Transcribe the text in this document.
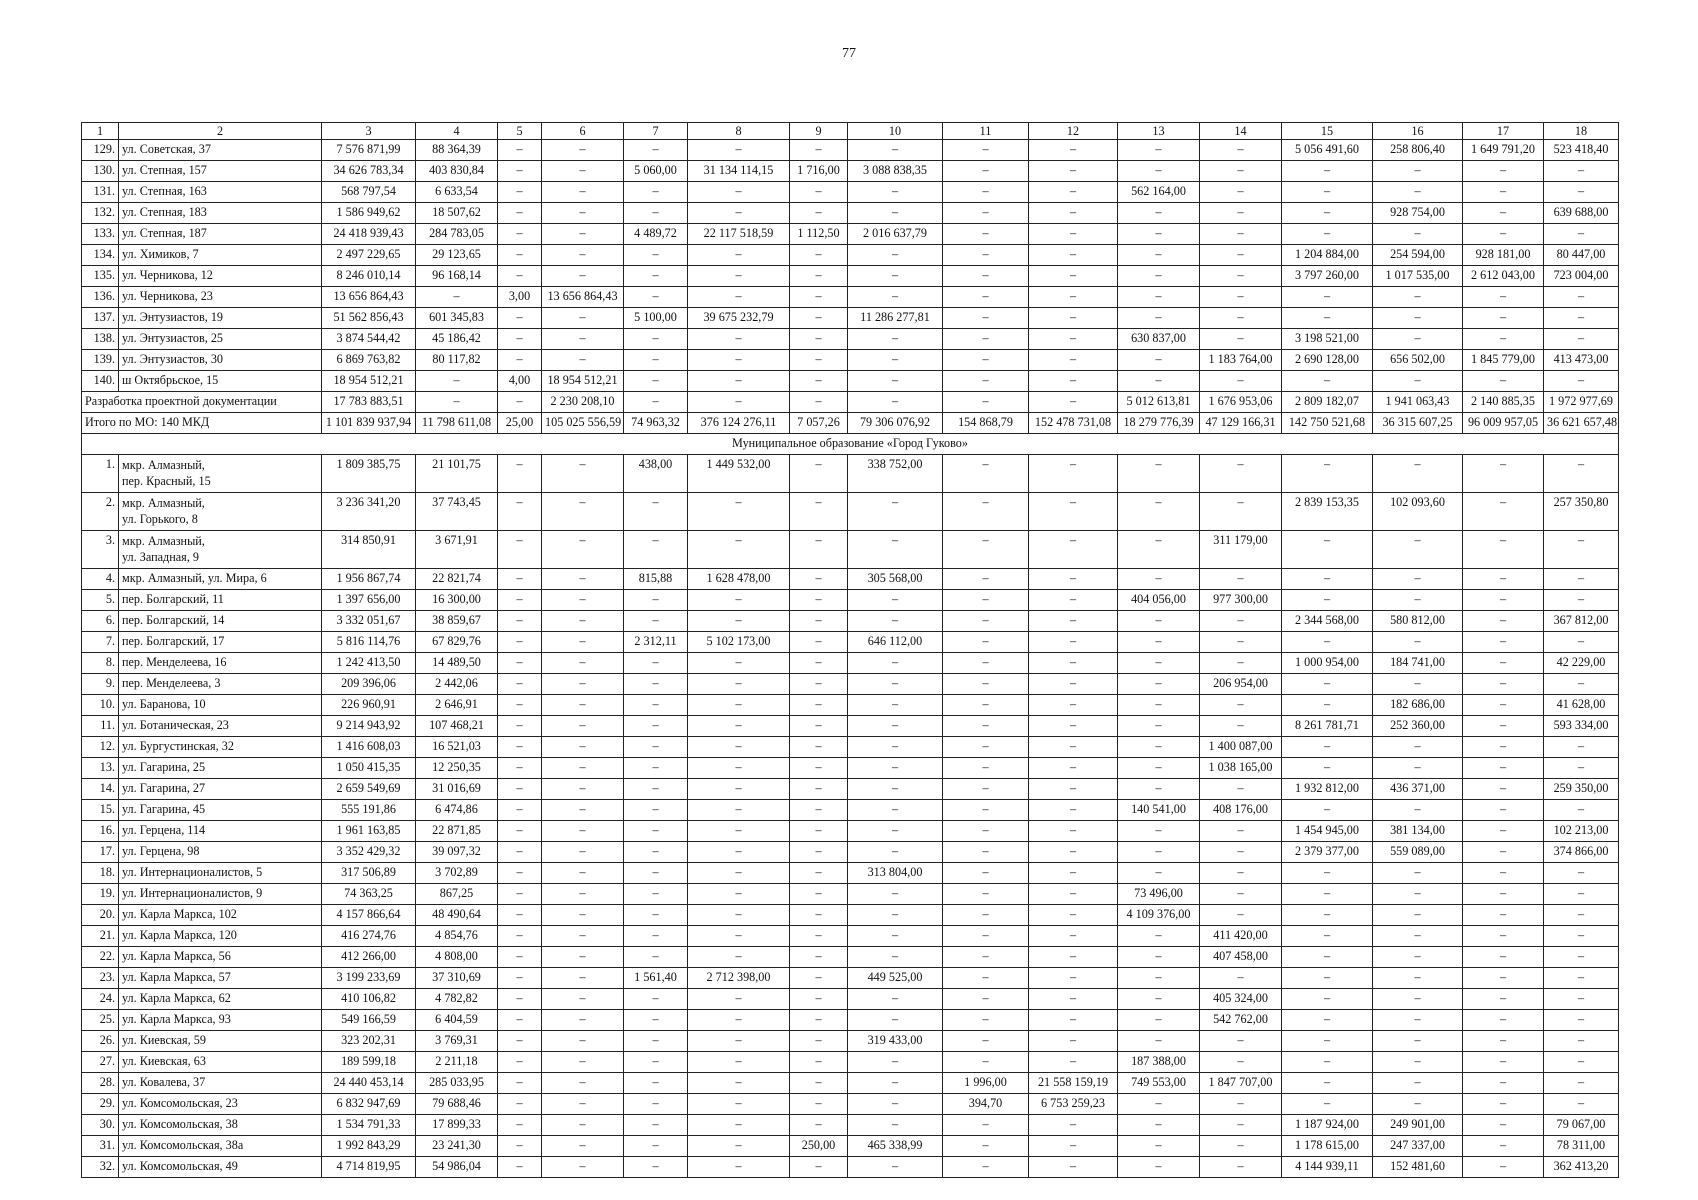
77
1	2	3	4	5	6	7	8	9	10	11	12	13	14	15	16	17	18
129.	ул. Советская, 37	7 576 871,99	88 364,39	–	–	–	–	–	–	–	–	–	–	5 056 491,60	258 806,40	1 649 791,20	523 418,40
130.	ул. Степная, 157	34 626 783,34	403 830,84	–	–	5 060,00	31 134 114,15	1 716,00	3 088 838,35	–	–	–	–	–	–	–	–
131.	ул. Степная, 163	568 797,54	6 633,54	–	–	–	–	–	–	–	–	562 164,00	–	–	–	–	–
132.	ул. Степная, 183	1 586 949,62	18 507,62	–	–	–	–	–	–	–	–	–	–	–	928 754,00	–	639 688,00
133.	ул. Степная, 187	24 418 939,43	284 783,05	–	–	4 489,72	22 117 518,59	1 112,50	2 016 637,79	–	–	–	–	–	–	–	–
134.	ул. Химиков, 7	2 497 229,65	29 123,65	–	–	–	–	–	–	–	–	–	–	1 204 884,00	254 594,00	928 181,00	80 447,00
135.	ул. Черникова, 12	8 246 010,14	96 168,14	–	–	–	–	–	–	–	–	–	–	3 797 260,00	1 017 535,00	2 612 043,00	723 004,00
136.	ул. Черникова, 23	13 656 864,43	–	3,00	13 656 864,43	–	–	–	–	–	–	–	–	–	–	–	–
137.	ул. Энтузиастов, 19	51 562 856,43	601 345,83	–	–	5 100,00	39 675 232,79	–	11 286 277,81	–	–	–	–	–	–	–	–
138.	ул. Энтузиастов, 25	3 874 544,42	45 186,42	–	–	–	–	–	–	–	–	630 837,00	–	3 198 521,00	–	–	–
139.	ул. Энтузиастов, 30	6 869 763,82	80 117,82	–	–	–	–	–	–	–	–	–	1 183 764,00	2 690 128,00	656 502,00	1 845 779,00	413 473,00
140.	ш Октябрьское, 15	18 954 512,21	–	4,00	18 954 512,21	–	–	–	–	–	–	–	–	–	–	–	–
Разработка проектной документации		17 783 883,51	–	–	2 230 208,10	–	–	–	–	–	–	5 012 613,81	1 676 953,06	2 809 182,07	1 941 063,43	2 140 885,35	1 972 977,69
Итого по МО: 140 МКД		1 101 839 937,94	11 798 611,08	25,00	105 025 556,59	74 963,32	376 124 276,11	7 057,26	79 306 076,92	154 868,79	152 478 731,08	18 279 776,39	47 129 166,31	142 750 521,68	36 315 607,25	96 009 957,05	36 621 657,48
Муниципальное образование «Город Гуково»																	
1.	мкр. Алмазный,
пер. Красный, 15	1 809 385,75	21 101,75	–	–	438,00	1 449 532,00	–	338 752,00	–	–	–	–	–	–	–	–
2.	мкр. Алмазный,
ул. Горького, 8	3 236 341,20	37 743,45	–	–	–	–	–	–	–	–	–	–	2 839 153,35	102 093,60	–	257 350,80
3.	мкр. Алмазный,
ул. Западная, 9	314 850,91	3 671,91	–	–	–	–	–	–	–	–	–	311 179,00	–	–	–	–
4.	мкр. Алмазный, ул. Мира, 6	1 956 867,74	22 821,74	–	–	815,88	1 628 478,00	–	305 568,00	–	–	–	–	–	–	–	–
5.	пер. Болгарский, 11	1 397 656,00	16 300,00	–	–	–	–	–	–	–	–	404 056,00	977 300,00	–	–	–	–
6.	пер. Болгарский, 14	3 332 051,67	38 859,67	–	–	–	–	–	–	–	–	–	–	2 344 568,00	580 812,00	–	367 812,00
7.	пер. Болгарский, 17	5 816 114,76	67 829,76	–	–	2 312,11	5 102 173,00	–	646 112,00	–	–	–	–	–	–	–	–
8.	пер. Менделеева, 16	1 242 413,50	14 489,50	–	–	–	–	–	–	–	–	–	–	1 000 954,00	184 741,00	–	42 229,00
9.	пер. Менделеева, 3	209 396,06	2 442,06	–	–	–	–	–	–	–	–	–	206 954,00	–	–	–	–
10.	ул. Баранова, 10	226 960,91	2 646,91	–	–	–	–	–	–	–	–	–	–	–	182 686,00	–	41 628,00
11.	ул. Ботаническая, 23	9 214 943,92	107 468,21	–	–	–	–	–	–	–	–	–	–	8 261 781,71	252 360,00	–	593 334,00
12.	ул. Бургустинская, 32	1 416 608,03	16 521,03	–	–	–	–	–	–	–	–	–	1 400 087,00	–	–	–	–
13.	ул. Гагарина, 25	1 050 415,35	12 250,35	–	–	–	–	–	–	–	–	–	1 038 165,00	–	–	–	–
14.	ул. Гагарина, 27	2 659 549,69	31 016,69	–	–	–	–	–	–	–	–	–	–	1 932 812,00	436 371,00	–	259 350,00
15.	ул. Гагарина, 45	555 191,86	6 474,86	–	–	–	–	–	–	–	–	140 541,00	408 176,00	–	–	–	–
16.	ул. Герцена, 114	1 961 163,85	22 871,85	–	–	–	–	–	–	–	–	–	–	1 454 945,00	381 134,00	–	102 213,00
17.	ул. Герцена, 98	3 352 429,32	39 097,32	–	–	–	–	–	–	–	–	–	–	2 379 377,00	559 089,00	–	374 866,00
18.	ул. Интернационалистов, 5	317 506,89	3 702,89	–	–	–	–	–	313 804,00	–	–	–	–	–	–	–	–
19.	ул. Интернационалистов, 9	74 363,25	867,25	–	–	–	–	–	–	–	–	73 496,00	–	–	–	–	–
20.	ул. Карла Маркса, 102	4 157 866,64	48 490,64	–	–	–	–	–	–	–	–	4 109 376,00	–	–	–	–	–
21.	ул. Карла Маркса, 120	416 274,76	4 854,76	–	–	–	–	–	–	–	–	–	411 420,00	–	–	–	–
22.	ул. Карла Маркса, 56	412 266,00	4 808,00	–	–	–	–	–	–	–	–	–	407 458,00	–	–	–	–
23.	ул. Карла Маркса, 57	3 199 233,69	37 310,69	–	–	1 561,40	2 712 398,00	–	449 525,00	–	–	–	–	–	–	–	–
24.	ул. Карла Маркса, 62	410 106,82	4 782,82	–	–	–	–	–	–	–	–	–	405 324,00	–	–	–	–
25.	ул. Карла Маркса, 93	549 166,59	6 404,59	–	–	–	–	–	–	–	–	–	542 762,00	–	–	–	–
26.	ул. Киевская, 59	323 202,31	3 769,31	–	–	–	–	–	319 433,00	–	–	–	–	–	–	–	–
27.	ул. Киевская, 63	189 599,18	2 211,18	–	–	–	–	–	–	–	–	187 388,00	–	–	–	–	–
28.	ул. Ковалева, 37	24 440 453,14	285 033,95	–	–	–	–	–	–	1 996,00	21 558 159,19	749 553,00	1 847 707,00	–	–	–	–
29.	ул. Комсомольская, 23	6 832 947,69	79 688,46	–	–	–	–	–	–	394,70	6 753 259,23	–	–	–	–	–	–
30.	ул. Комсомольская, 38	1 534 791,33	17 899,33	–	–	–	–	–	–	–	–	–	–	1 187 924,00	249 901,00	–	79 067,00
31.	ул. Комсомольская, 38а	1 992 843,29	23 241,30	–	–	–	–	250,00	465 338,99	–	–	–	–	1 178 615,00	247 337,00	–	78 311,00
32.	ул. Комсомольская, 49	4 714 819,95	54 986,04	–	–	–	–	–	–	–	–	–	–	4 144 939,11	152 481,60	–	362 413,20
